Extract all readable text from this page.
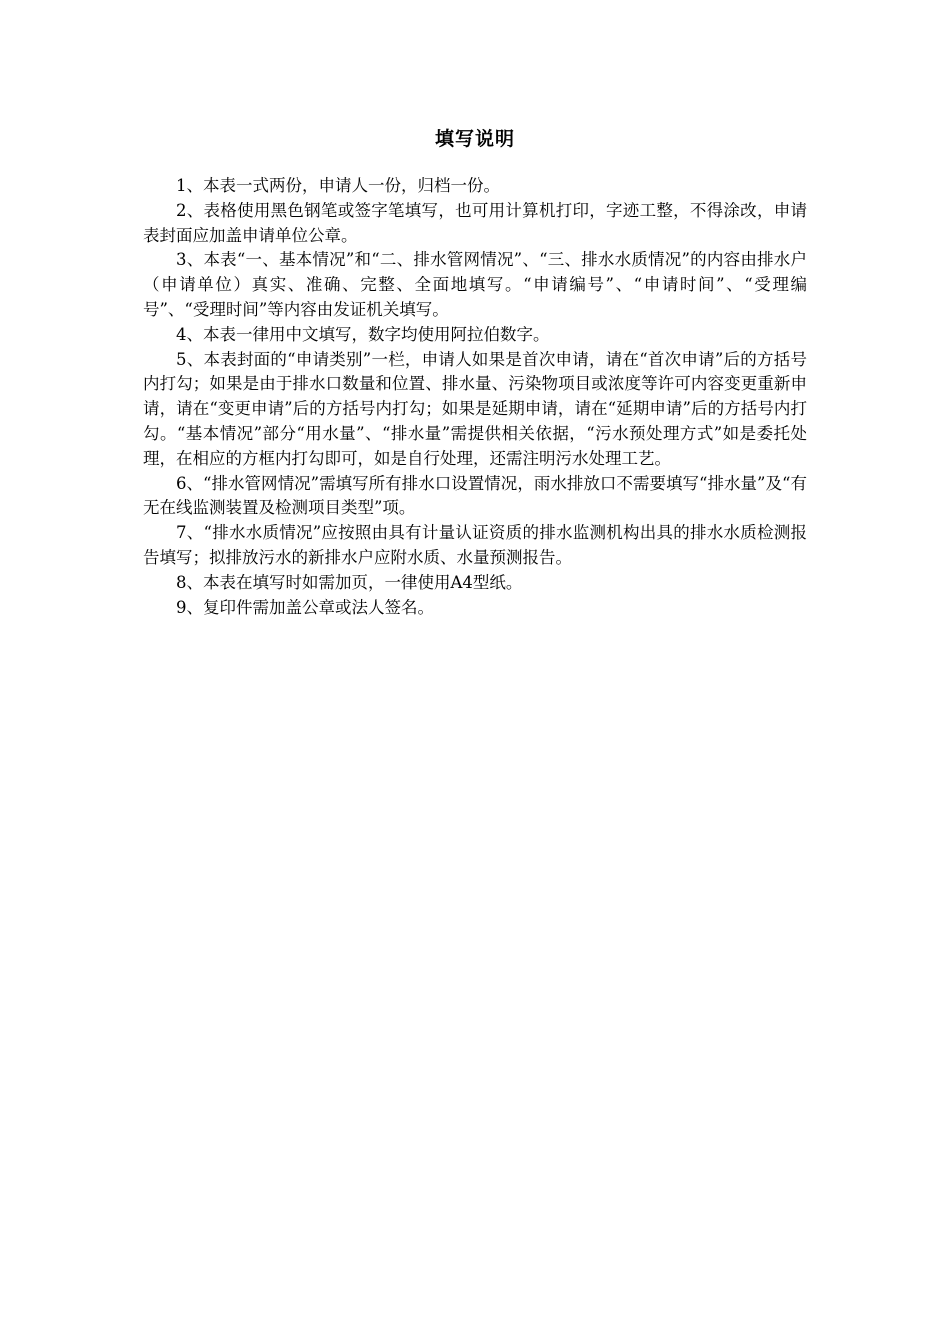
填写说明

1、本表一式两份，申请人一份，归档一份。

2、表格使用黑色钢笔或签字笔填写，也可用计算机打印，字迹工整，不得涂改，申请表封面应加盖申请单位公章。

3、本表“一、基本情况”和“二、排水管网情况”、“三、排水水质情况”的内容由排水户（申请单位）真实、准确、完整、全面地填写。“申请编号”、“申请时间”、“受理编号”、“受理时间”等内容由发证机关填写。

4、本表一律用中文填写，数字均使用阿拉伯数字。

5、本表封面的“申请类别”一栏，申请人如果是首次申请，请在“首次申请”后的方括号内打勾；如果是由于排水口数量和位置、排水量、污染物项目或浓度等许可内容变更重新申请，请在“变更申请”后的方括号内打勾；如果是延期申请，请在“延期申请”后的方括号内打勾。“基本情况”部分“用水量”、“排水量”需提供相关依据，“污水预处理方式”如是委托处理，在相应的方框内打勾即可，如是自行处理，还需注明污水处理工艺。

6、“排水管网情况”需填写所有排水口设置情况，雨水排放口不需要填写“排水量”及“有无在线监测装置及检测项目类型”项。

7、“排水水质情况”应按照由具有计量认证资质的排水监测机构出具的排水水质检测报告填写；拟排放污水的新排水户应附水质、水量预测报告。

8、本表在填写时如需加页，一律使用A4型纸。

9、复印件需加盖公章或法人签名。
